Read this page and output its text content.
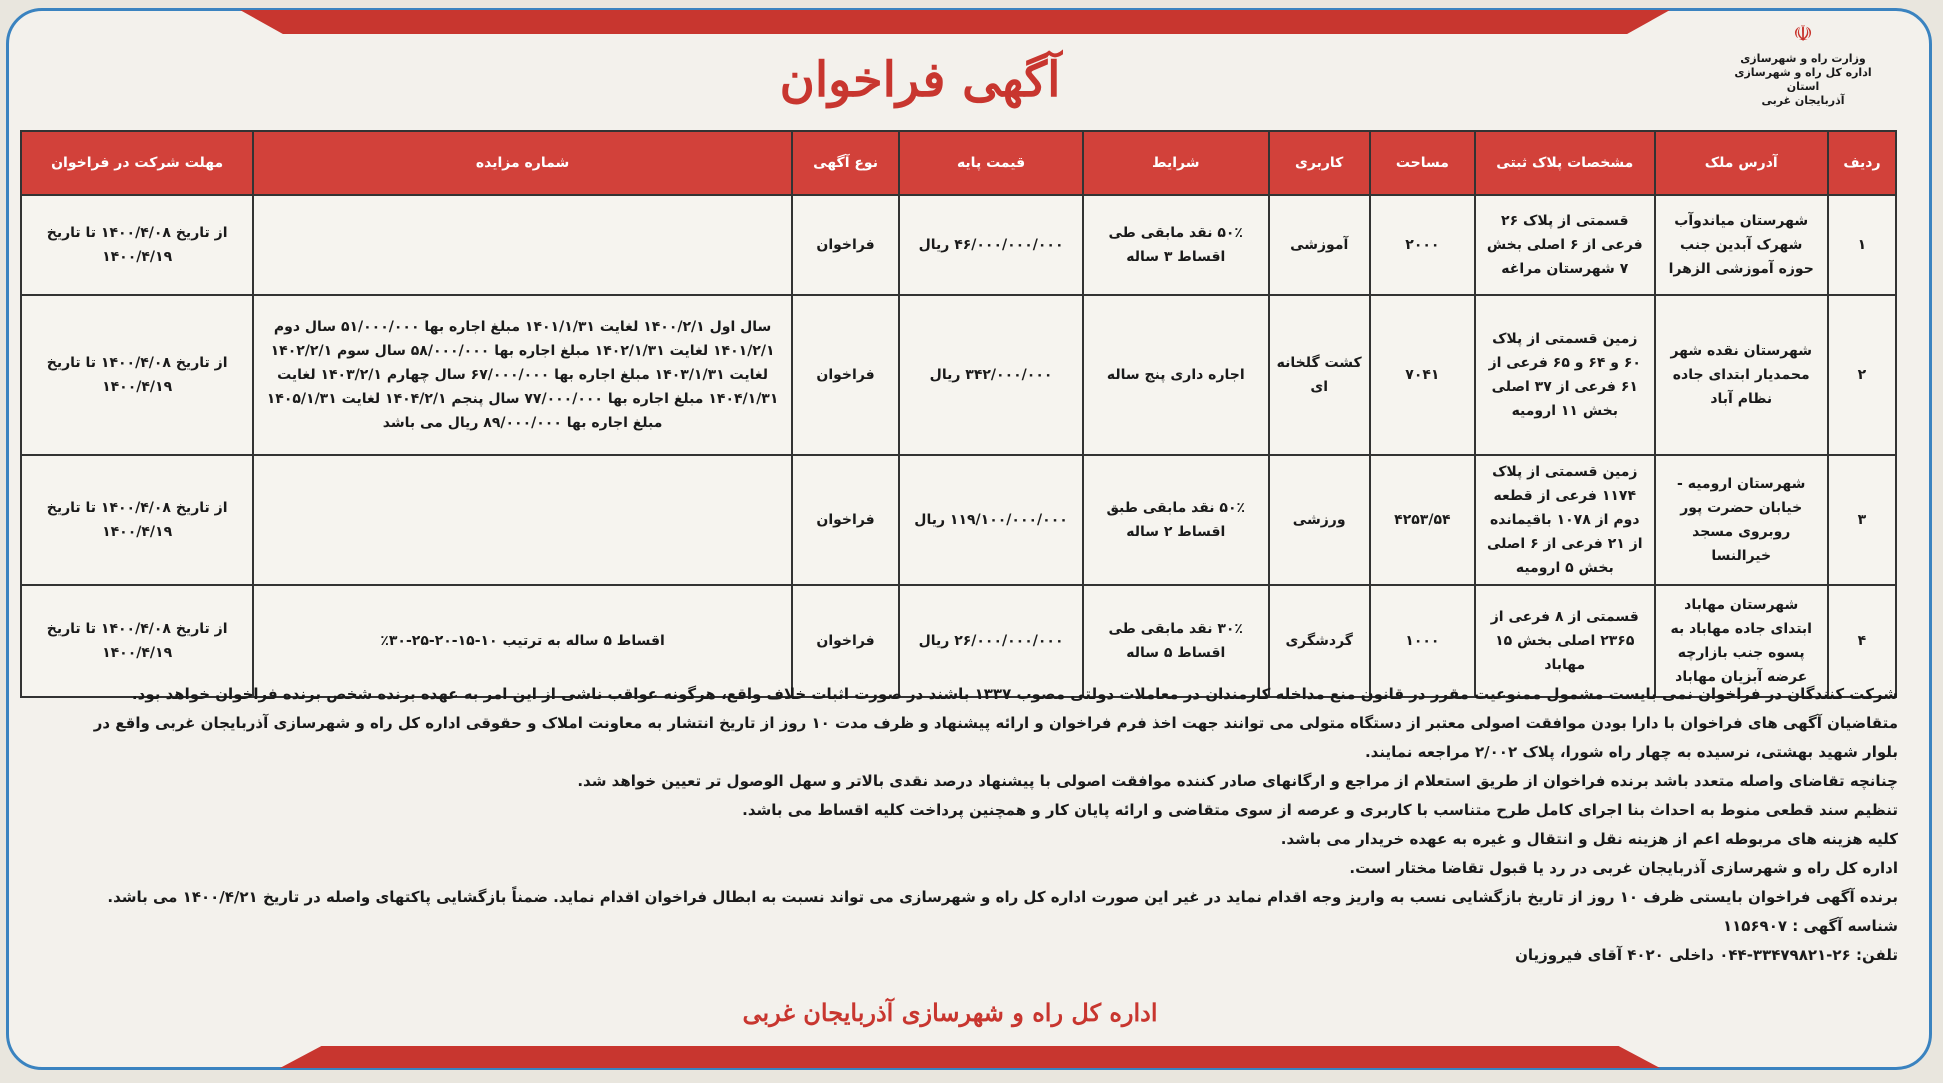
☫
وزارت راه و شهرسازی
اداره کل راه و شهرسازی استان
آذربایجان غربی
آگهی فراخوان
ردیف	آدرس ملک	مشخصات پلاک ثبتی	مساحت	کاربری	شرایط	قیمت پایه	نوع آگهی	شماره مزایده	مهلت شرکت در فراخوان
۱	شهرستان میاندوآب شهرک آبدین جنب حوزه آموزشی الزهرا	قسمتی از پلاک ۲۶ فرعی از ۶ اصلی بخش ۷ شهرستان مراغه	۲۰۰۰	آموزشی	۵۰٪ نقد مابقی طی اقساط ۳ ساله	۴۶/۰۰۰/۰۰۰/۰۰۰ ریال	فراخوان		از تاریخ ۱۴۰۰/۴/۰۸ تا تاریخ ۱۴۰۰/۴/۱۹
۲	شهرستان نقده شهر محمدیار ابتدای جاده نظام آباد	زمین قسمتی از پلاک ۶۰ و ۶۴ و ۶۵ فرعی از ۶۱ فرعی از ۳۷ اصلی بخش ۱۱ ارومیه	۷۰۴۱	کشت گلخانه ای	اجاره داری پنج ساله	۳۴۲/۰۰۰/۰۰۰ ریال	فراخوان	سال اول ۱۴۰۰/۲/۱ لغایت ۱۴۰۱/۱/۳۱ مبلغ اجاره بها ۵۱/۰۰۰/۰۰۰ سال دوم ۱۴۰۱/۲/۱ لغایت ۱۴۰۲/۱/۳۱ مبلغ اجاره بها ۵۸/۰۰۰/۰۰۰ سال سوم ۱۴۰۲/۲/۱ لغایت ۱۴۰۳/۱/۳۱ مبلغ اجاره بها ۶۷/۰۰۰/۰۰۰ سال چهارم ۱۴۰۳/۲/۱ لغایت ۱۴۰۴/۱/۳۱ مبلغ اجاره بها ۷۷/۰۰۰/۰۰۰ سال پنجم ۱۴۰۴/۲/۱ لغایت ۱۴۰۵/۱/۳۱ مبلغ اجاره بها ۸۹/۰۰۰/۰۰۰ ریال می باشد	از تاریخ ۱۴۰۰/۴/۰۸ تا تاریخ ۱۴۰۰/۴/۱۹
۳	شهرستان ارومیه - خیابان حضرت پور روبروی مسجد خیرالنسا	زمین قسمتی از پلاک ۱۱۷۴ فرعی از قطعه دوم از ۱۰۷۸ باقیمانده از ۲۱ فرعی از ۶ اصلی بخش ۵ ارومیه	۴۲۵۳/۵۴	ورزشی	۵۰٪ نقد مابقی طبق اقساط ۲ ساله	۱۱۹/۱۰۰/۰۰۰/۰۰۰ ریال	فراخوان		از تاریخ ۱۴۰۰/۴/۰۸ تا تاریخ ۱۴۰۰/۴/۱۹
۴	شهرستان مهاباد ابتدای جاده مهاباد به پسوه جنب بازارچه عرضه آبزیان مهاباد	قسمتی از ۸ فرعی از ۲۳۶۵ اصلی بخش ۱۵ مهاباد	۱۰۰۰	گردشگری	۳۰٪ نقد مابقی طی اقساط ۵ ساله	۲۶/۰۰۰/۰۰۰/۰۰۰ ریال	فراخوان	اقساط ۵ ساله به ترتیب ۱۰-۱۵-۲۰-۲۵-۳۰٪	از تاریخ ۱۴۰۰/۴/۰۸ تا تاریخ ۱۴۰۰/۴/۱۹

شرکت کنندگان در فراخوان نمی بایست مشمول ممنوعیت مقرر در قانون منع مداخله کارمندان در معاملات دولتی مصوب ۱۳۳۷ باشند در صورت اثبات خلاف واقع، هرگونه عواقب ناشی از این امر به عهده برنده شخص برنده فراخوان خواهد بود.

متقاضیان آگهی های فراخوان با دارا بودن موافقت اصولی معتبر از دستگاه متولی می توانند جهت اخذ فرم فراخوان و ارائه پیشنهاد و ظرف مدت ۱۰ روز از تاریخ انتشار به معاونت املاک و حقوقی اداره کل راه و شهرسازی آذربایجان غربی واقع در بلوار شهید بهشتی، نرسیده به چهار راه شورا، پلاک ۲/۰۰۲ مراجعه نمایند.

چنانچه تقاضای واصله متعدد باشد برنده فراخوان از طریق استعلام از مراجع و ارگانهای صادر کننده موافقت اصولی با پیشنهاد درصد نقدی بالاتر و سهل الوصول تر تعیین خواهد شد.

تنظیم سند قطعی منوط به احداث بنا اجرای کامل طرح متناسب با کاربری و عرصه از سوی متقاضی و ارائه پایان کار و همچنین پرداخت کلیه اقساط می باشد.

کلیه هزینه های مربوطه اعم از هزینه نقل و انتقال و غیره به عهده خریدار می باشد.

اداره کل راه و شهرسازی آذربایجان غربی در رد یا قبول تقاضا مختار است.

برنده آگهی فراخوان بایستی ظرف ۱۰ روز از تاریخ بازگشایی نسب به واریز وجه اقدام نماید در غیر این صورت اداره کل راه و شهرسازی می تواند نسبت به ابطال فراخوان اقدام نماید. ضمناً بازگشایی پاکتهای واصله در تاریخ ۱۴۰۰/۴/۲۱ می باشد. شناسه آگهی : ۱۱۵۶۹۰۷

تلفن: ۲۶-۳۳۴۷۹۸۲۱-۰۴۴ داخلی ۴۰۲۰ آقای فیروزیان

اداره کل راه و شهرسازی آذربایجان غربی
